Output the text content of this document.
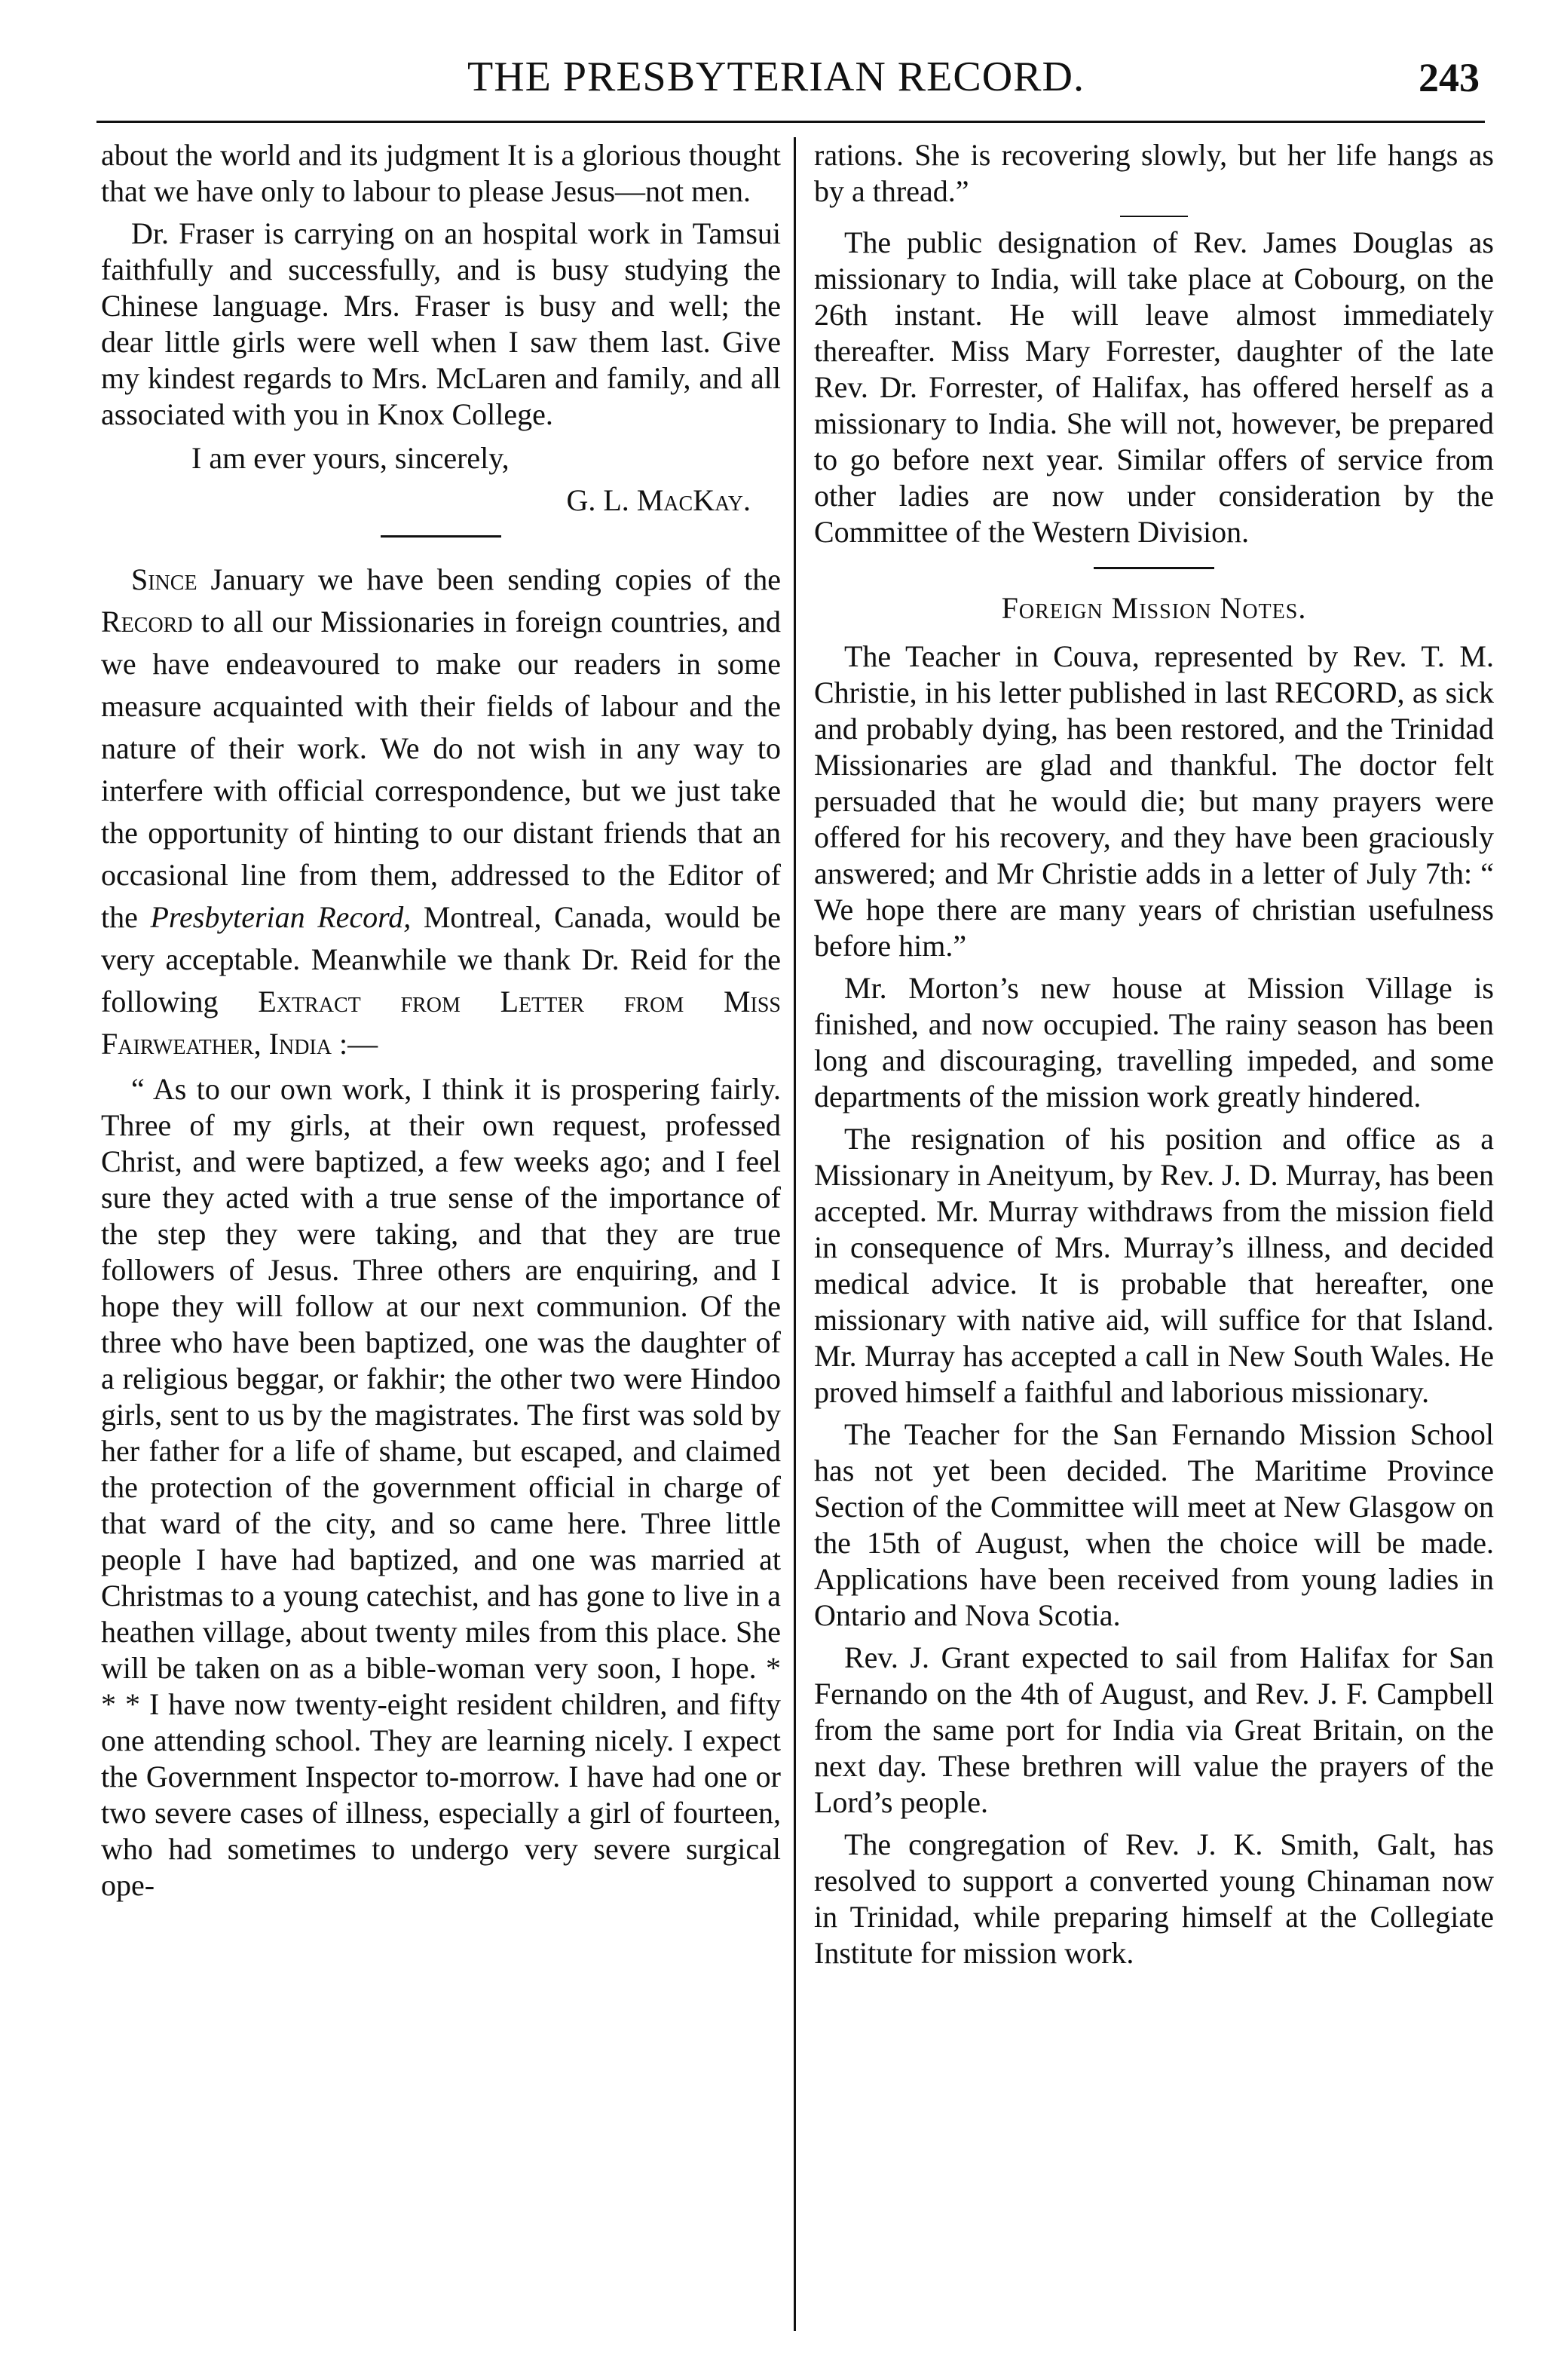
THE PRESBYTERIAN RECORD.	243

about the world and its judgment It is a glorious thought that we have only to labour to please Jesus—not men.

Dr. Fraser is carrying on an hospital work in Tamsui faithfully and successfully, and is busy studying the Chinese language. Mrs. Fraser is busy and well; the dear little girls were well when I saw them last. Give my kindest regards to Mrs. McLaren and family, and all associated with you in Knox College.

I am ever yours, sincerely,

G. L. MacKay.

Since January we have been sending copies of the Record to all our Missionaries in foreign countries, and we have endeavoured to make our readers in some measure acquainted with their fields of labour and the nature of their work. We do not wish in any way to interfere with official correspondence, but we just take the opportunity of hinting to our distant friends that an occasional line from them, addressed to the Editor of the Presbyterian Record, Montreal, Canada, would be very acceptable. Meanwhile we thank Dr. Reid for the following Extract from Letter from Miss Fairweather, India :—

“ As to our own work, I think it is prospering fairly. Three of my girls, at their own request, professed Christ, and were baptized, a few weeks ago; and I feel sure they acted with a true sense of the importance of the step they were taking, and that they are true followers of Jesus. Three others are enquiring, and I hope they will follow at our next communion. Of the three who have been baptized, one was the daughter of a religious beggar, or fakhir; the other two were Hindoo girls, sent to us by the magistrates. The first was sold by her father for a life of shame, but escaped, and claimed the protection of the government official in charge of that ward of the city, and so came here. Three little people I have had baptized, and one was married at Christmas to a young catechist, and has gone to live in a heathen village, about twenty miles from this place. She will be taken on as a bible-woman very soon, I hope. * * * I have now twenty-eight resident children, and fifty one attending school. They are learning nicely. I expect the Government Inspector to-morrow. I have had one or two severe cases of illness, especially a girl of fourteen, who had sometimes to undergo very severe surgical ope-

rations. She is recovering slowly, but her life hangs as by a thread.”

The public designation of Rev. James Douglas as missionary to India, will take place at Cobourg, on the 26th instant. He will leave almost immediately thereafter. Miss Mary Forrester, daughter of the late Rev. Dr. Forrester, of Halifax, has offered herself as a missionary to India. She will not, however, be prepared to go before next year. Similar offers of service from other ladies are now under consideration by the Committee of the Western Division.

Foreign Mission Notes.

The Teacher in Couva, represented by Rev. T. M. Christie, in his letter published in last RECORD, as sick and probably dying, has been restored, and the Trinidad Missionaries are glad and thankful. The doctor felt persuaded that he would die; but many prayers were offered for his recovery, and they have been graciously answered; and Mr Christie adds in a letter of July 7th: “ We hope there are many years of christian usefulness before him.”

Mr. Morton’s new house at Mission Village is finished, and now occupied. The rainy season has been long and discouraging, travelling impeded, and some departments of the mission work greatly hindered.

The resignation of his position and office as a Missionary in Aneityum, by Rev. J. D. Murray, has been accepted. Mr. Murray withdraws from the mission field in consequence of Mrs. Murray’s illness, and decided medical advice. It is probable that hereafter, one missionary with native aid, will suffice for that Island. Mr. Murray has accepted a call in New South Wales. He proved himself a faithful and laborious missionary.

The Teacher for the San Fernando Mission School has not yet been decided. The Maritime Province Section of the Committee will meet at New Glasgow on the 15th of August, when the choice will be made. Applications have been received from young ladies in Ontario and Nova Scotia.

Rev. J. Grant expected to sail from Halifax for San Fernando on the 4th of August, and Rev. J. F. Campbell from the same port for India via Great Britain, on the next day. These brethren will value the prayers of the Lord’s people.

The congregation of Rev. J. K. Smith, Galt, has resolved to support a converted young Chinaman now in Trinidad, while preparing himself at the Collegiate Institute for mission work.
